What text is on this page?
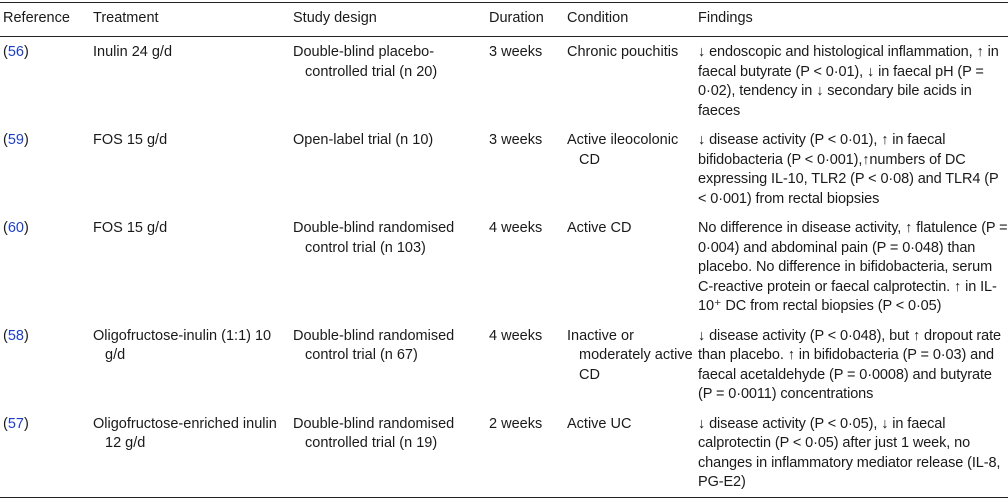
Reference	Treatment	Study design	Duration	Condition	Findings
(56)	Inulin 24 g/d	Double-blind placebo-controlled trial (n 20)	3 weeks	Chronic pouchitis	↓ endoscopic and histological inflammation, ↑ in faecal butyrate (P < 0·01), ↓ in faecal pH (P = 0·02), tendency in ↓ secondary bile acids in faeces
(59)	FOS 15 g/d	Open-label trial (n 10)	3 weeks	Active ileocolonic CD	↓ disease activity (P < 0·01), ↑ in faecal bifidobacteria (P < 0·001),↑numbers of DC expressing IL-10, TLR2 (P < 0·08) and TLR4 (P < 0·001) from rectal biopsies
(60)	FOS 15 g/d	Double-blind randomised control trial (n 103)	4 weeks	Active CD	No difference in disease activity, ↑ flatulence (P = 0·004) and abdominal pain (P = 0·048) than placebo. No difference in bifidobacteria, serum C-reactive protein or faecal calprotectin. ↑ in IL-10⁺ DC from rectal biopsies (P < 0·05)
(58)	Oligofructose-inulin (1:1) 10 g/d	Double-blind randomised control trial (n 67)	4 weeks	Inactive or moderately active CD	↓ disease activity (P < 0·048), but ↑ dropout rate than placebo. ↑ in bifidobacteria (P = 0·03) and faecal acetaldehyde (P = 0·0008) and butyrate (P = 0·0011) concentrations
(57)	Oligofructose-enriched inulin 12 g/d	Double-blind randomised controlled trial (n 19)	2 weeks	Active UC	↓ disease activity (P < 0·05), ↓ in faecal calprotectin (P < 0·05) after just 1 week, no changes in inflammatory mediator release (IL-8, PG-E2)
